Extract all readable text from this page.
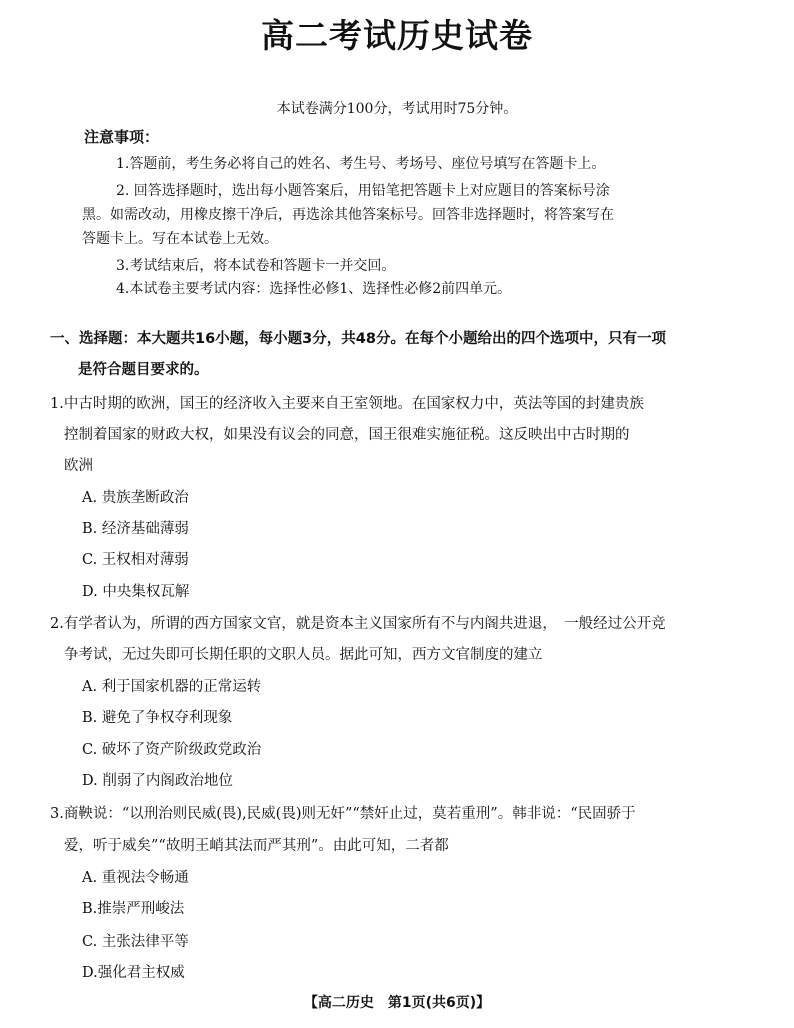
高二考试历史试卷
本试卷满分100分，考试用时75分钟。
注意事项：
1.答题前，考生务必将自己的姓名、考生号、考场号、座位号填写在答题卡上。
2. 回答选择题时，选出每小题答案后，用铅笔把答题卡上对应题目的答案标号涂
黑。如需改动，用橡皮擦干净后，再选涂其他答案标号。回答非选择题时，将答案写在
答题卡上。写在本试卷上无效。
3.考试结束后，将本试卷和答题卡一并交回。
4.本试卷主要考试内容：选择性必修1、选择性必修2前四单元。
一、选择题：本大题共16小题，每小题3分，共48分。在每个小题给出的四个选项中，只有一项
是符合题目要求的。
1.中古时期的欧洲，国王的经济收入主要来自王室领地。在国家权力中，英法等国的封建贵族
控制着国家的财政大权，如果没有议会的同意，国王很难实施征税。这反映出中古时期的
欧洲
A. 贵族垄断政治
B. 经济基础薄弱
C. 王权相对薄弱
D. 中央集权瓦解
2.有学者认为，所谓的西方国家文官，就是资本主义国家所有不与内阁共进退，　一般经过公开竞
争考试，无过失即可长期任职的文职人员。据此可知，西方文官制度的建立
A. 利于国家机器的正常运转
B. 避免了争权夺利现象
C. 破坏了资产阶级政党政治
D. 削弱了内阁政治地位
3.商鞅说：“以刑治则民威(畏),民威(畏)则无奸”“禁奸止过，莫若重刑”。韩非说：“民固骄于
爱，听于威矣”“故明王峭其法而严其刑”。由此可知，二者都
A. 重视法令畅通
B.推崇严刑峻法
C. 主张法律平等
D.强化君主权威
【高二历史　第1页(共6页)】
